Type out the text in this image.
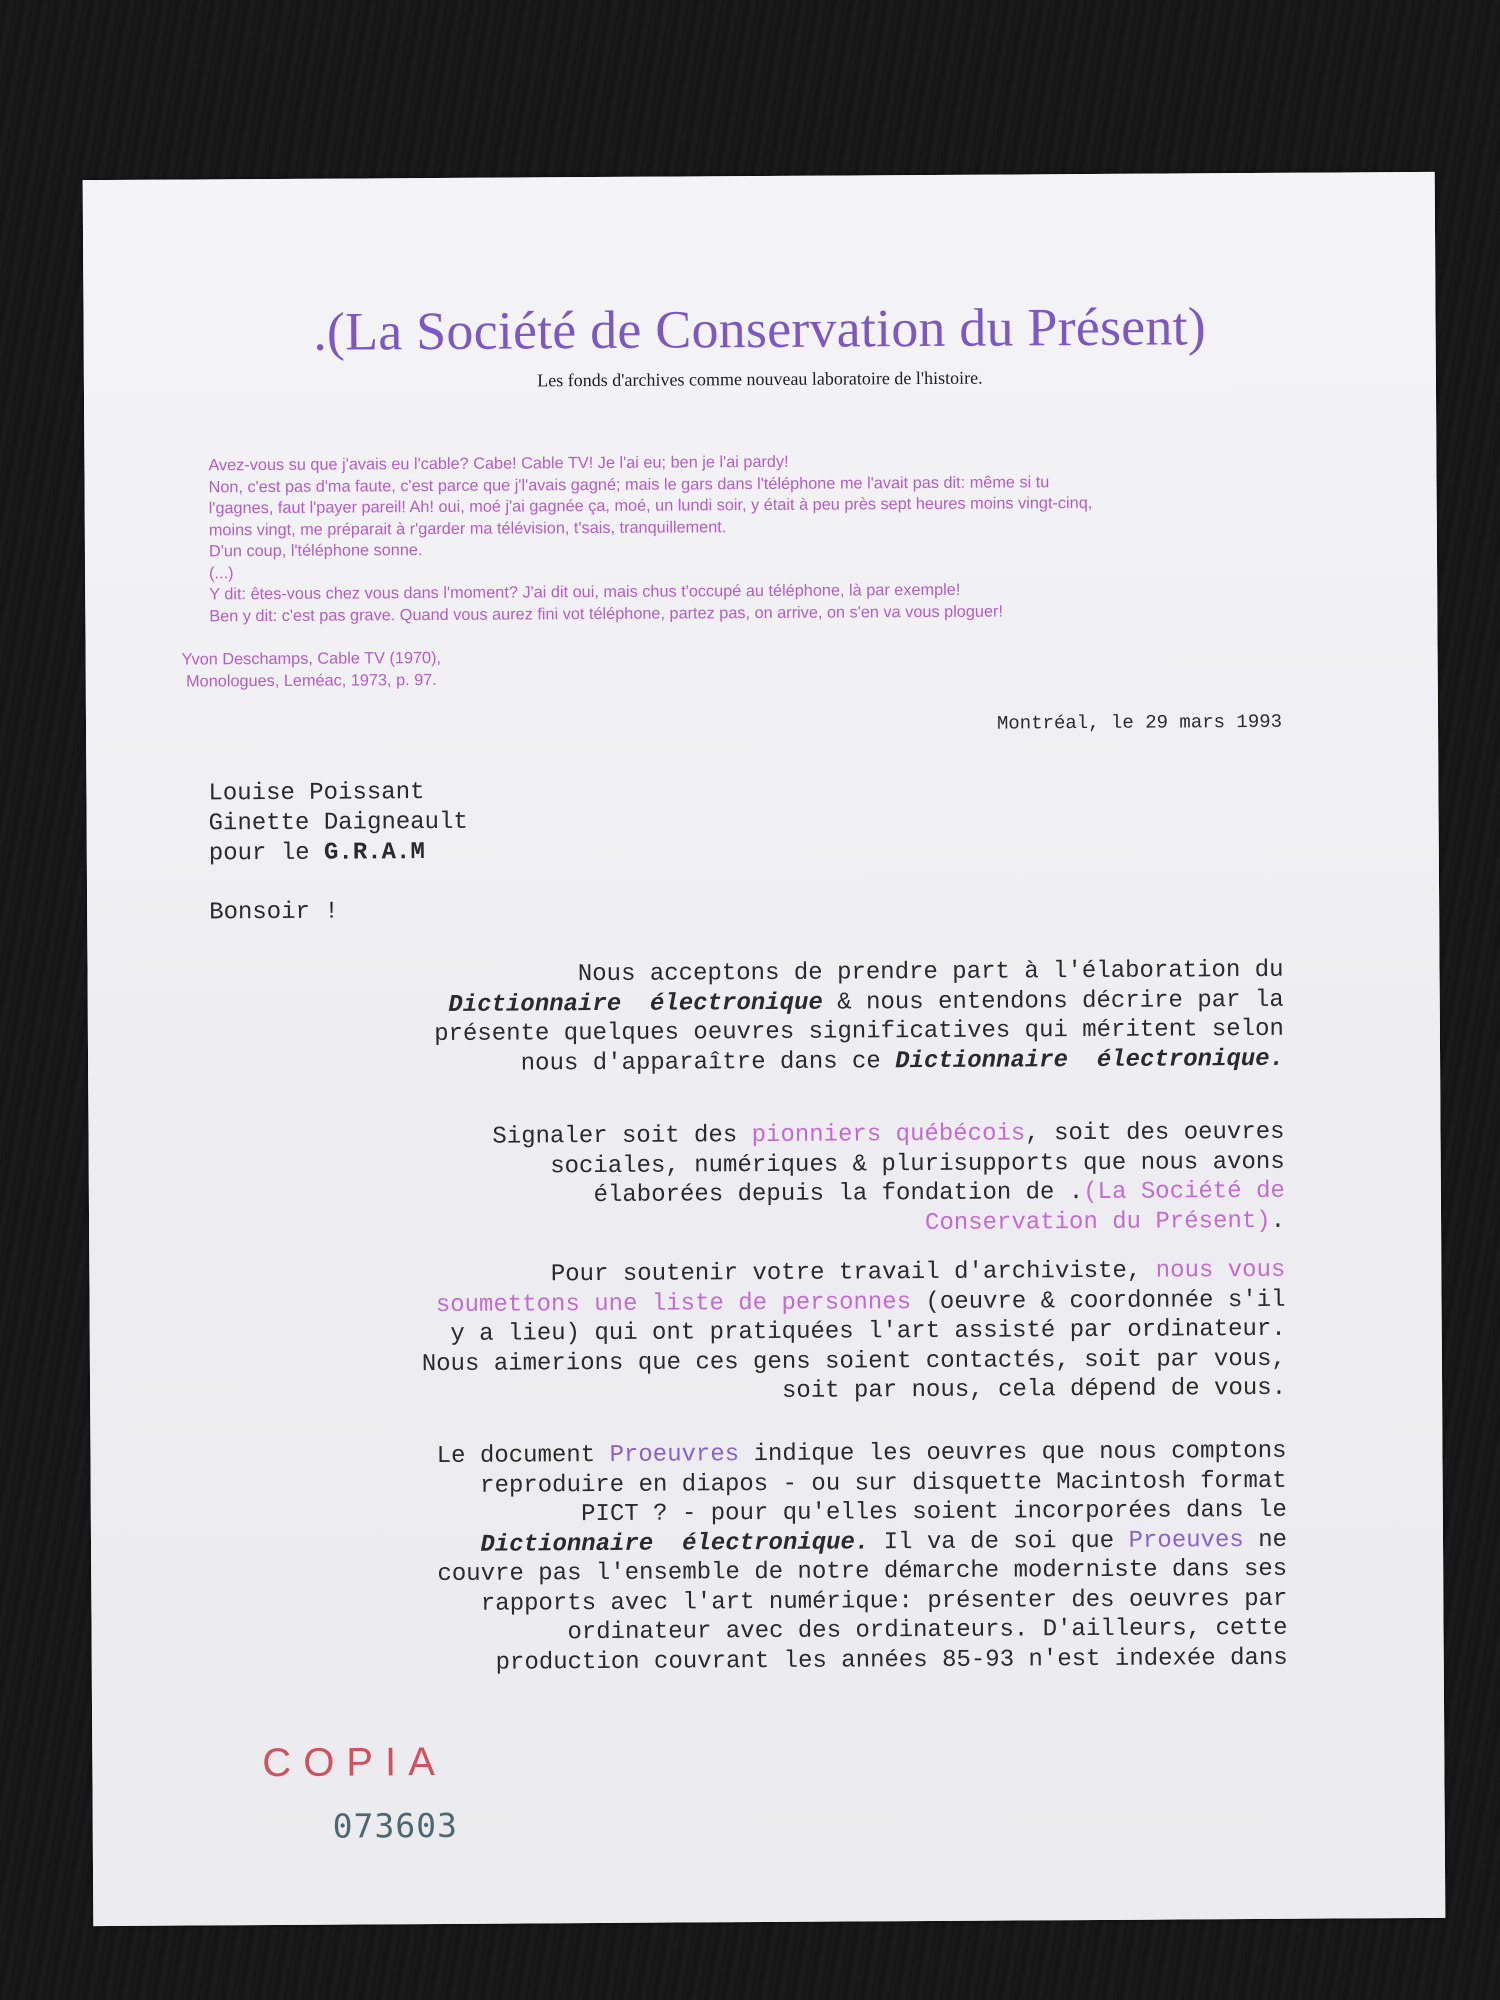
.(La Société de Conservation du Présent)
Les fonds d'archives comme nouveau laboratoire de l'histoire.
Avez-vous su que j'avais eu l'cable? Cabe! Cable TV! Je l'ai eu; ben je l'ai pardy!
Non, c'est pas d'ma faute, c'est parce que j'l'avais gagné; mais le gars dans l'téléphone me l'avait pas dit: même si tu
l'gagnes, faut l'payer pareil! Ah! oui, moé j'ai gagnée ça, moé, un lundi soir, y était à peu près sept heures moins vingt-cinq,
moins vingt, me préparait à r'garder ma télévision, t'sais, tranquillement.
D'un coup, l'téléphone sonne.
(...)
Y dit: êtes-vous chez vous dans l'moment? J'ai dit oui, mais chus t'occupé au téléphone, là par exemple!
Ben y dit: c'est pas grave. Quand vous aurez fini vot téléphone, partez pas, on arrive, on s'en va vous ploguer!
Yvon Deschamps, Cable TV (1970),
Monologues, Leméac, 1973, p. 97.
Montréal, le 29 mars 1993
Louise Poissant
Ginette Daigneault
pour le G.R.A.M
Bonsoir !
Nous acceptons de prendre part à l'élaboration du
Dictionnaire  électronique & nous entendons décrire par la
présente quelques oeuvres significatives qui méritent selon
nous d'apparaître dans ce Dictionnaire  électronique.
Signaler soit des pionniers québécois, soit des oeuvres
sociales, numériques & plurisupports que nous avons
élaborées depuis la fondation de .(La Société de
Conservation du Présent).
Pour soutenir votre travail d'archiviste, nous vous
soumettons une liste de personnes (oeuvre & coordonnée s'il
y a lieu) qui ont pratiquées l'art assisté par ordinateur.
Nous aimerions que ces gens soient contactés, soit par vous,
soit par nous, cela dépend de vous.
Le document Proeuvres indique les oeuvres que nous comptons
reproduire en diapos - ou sur disquette Macintosh format
PICT ? - pour qu'elles soient incorporées dans le
Dictionnaire  électronique. Il va de soi que Proeuves ne
couvre pas l'ensemble de notre démarche moderniste dans ses
rapports avec l'art numérique: présenter des oeuvres par
ordinateur avec des ordinateurs. D'ailleurs, cette
production couvrant les années 85-93 n'est indexée dans
COPIA
073603
